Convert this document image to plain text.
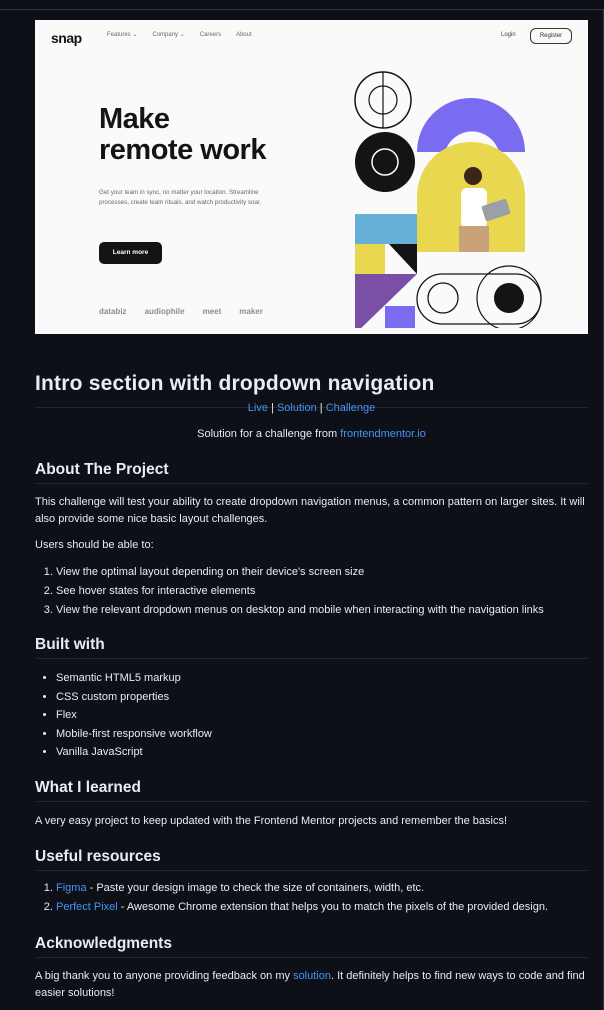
snap	Features ⌄	Company ⌄	Careers	About	Login	Register
Make
remote work
Get your team in sync, no matter your location. Streamline processes, create team rituals, and watch productivity soar.
Learn more
databiz audiophile meet maker
Intro section with dropdown navigation
Live | Solution | Challenge
Solution for a challenge from frontendmentor.io
About The Project

This challenge will test your ability to create dropdown navigation menus, a common pattern on larger sites. It will also provide some nice basic layout challenges.

Users should be able to:

1. View the optimal layout depending on their device's screen size
2. See hover states for interactive elements
3. View the relevant dropdown menus on desktop and mobile when interacting with the navigation links
Built with
• Semantic HTML5 markup
• CSS custom properties
• Flex
• Mobile-first responsive workflow
• Vanilla JavaScript
What I learned

A very easy project to keep updated with the Frontend Mentor projects and remember the basics!

Useful resources
1. Figma - Paste your design image to check the size of containers, width, etc.
2. Perfect Pixel - Awesome Chrome extension that helps you to match the pixels of the provided design.
Acknowledgments

A big thank you to anyone providing feedback on my solution. It definitely helps to find new ways to code and find easier solutions!
